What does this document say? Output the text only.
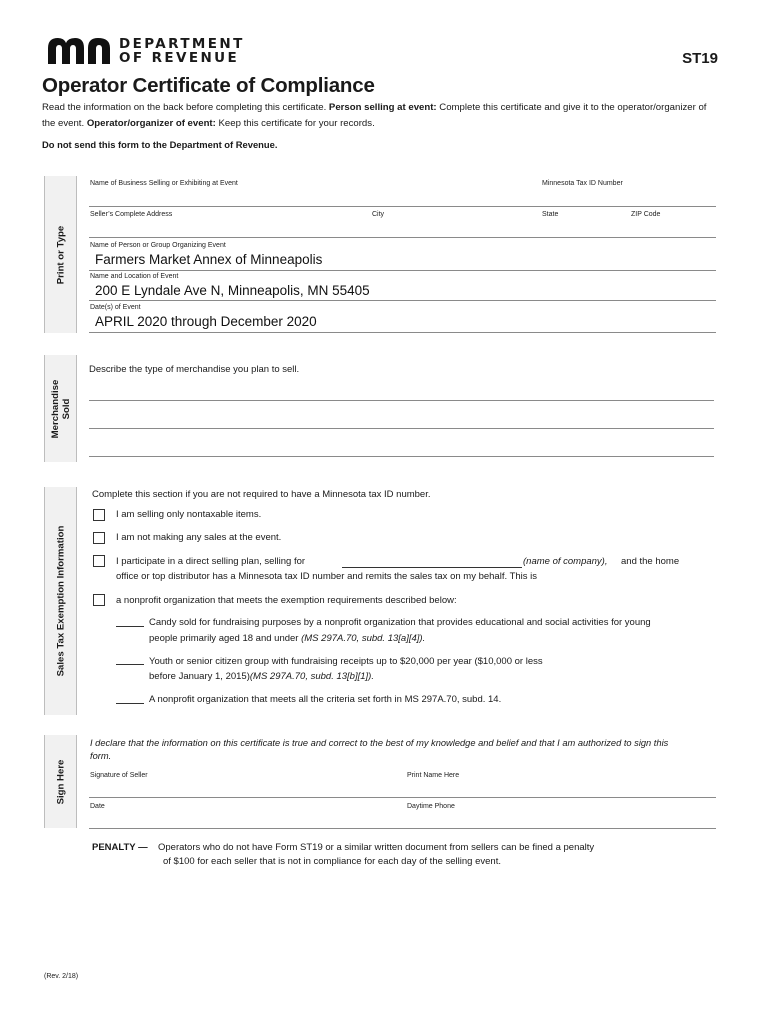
DEPARTMENT
OF REVENUE	ST19
Operator Certificate of Compliance
Read the information on the back before completing this certificate. Person selling at event: Complete this certificate and give it to the operator/organizer of the event. Operator/organizer of event: Keep this certificate for your records.
Do not send this form to the Department of Revenue.
Print or Type
Name of Business Selling or Exhibiting at Event	Minnesota Tax ID Number
Seller’s Complete Address	City	State	ZIP Code
Name of Person or Group Organizing Event
Farmers Market Annex of Minneapolis
Name and Location of Event
200 E Lyndale Ave N, Minneapolis, MN 55405
Date(s) of Event
APRIL 2020 through December 2020
Merchandise Sold
Describe the type of merchandise you plan to sell.
Sales Tax Exemption Information
Complete this section if you are not required to have a Minnesota tax ID number.
I am selling only nontaxable items.
I am not making any sales at the event.
I participate in a direct selling plan, selling for	(name of company), and the home
office or top distributor has a Minnesota tax ID number and remits the sales tax on my behalf. This is
a nonprofit organization that meets the exemption requirements described below:
Candy sold for fundraising purposes by a nonprofit organization that provides educational and social activities for young
people primarily aged 18 and under (MS 297A.70, subd. 13[a][4]).
Youth or senior citizen group with fundraising receipts up to $20,000 per year ($10,000 or less
before January 1, 2015)(MS 297A.70, subd. 13[b][1]).
A nonprofit organization that meets all the criteria set forth in MS 297A.70, subd. 14.
Sign Here
I declare that the information on this certificate is true and correct to the best of my knowledge and belief and that I am authorized to sign this form.
Signature of Seller	Print Name Here
Date	Daytime Phone
PENALTY — Operators who do not have Form ST19 or a similar written document from sellers can be fined a penalty
of $100 for each seller that is not in compliance for each day of the selling event.
(Rev. 2/18)
